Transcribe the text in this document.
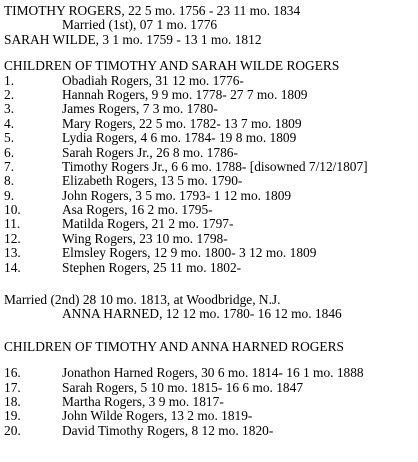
TIMOTHY ROGERS, 22 5 mo. 1756 - 23 11 mo. 1834
Married (1st), 07 1 mo. 1776
SARAH WILDE, 3 1 mo. 1759 - 13 1 mo. 1812
CHILDREN OF TIMOTHY AND SARAH WILDE ROGERS
1.	Obadiah Rogers, 31 12 mo. 1776-
2.	Hannah Rogers, 9 9 mo. 1778- 27 7 mo. 1809
3.	James Rogers, 7 3 mo. 1780-
4.	Mary Rogers, 22 5 mo. 1782- 13 7 mo. 1809
5.	Lydia Rogers, 4 6 mo. 1784- 19 8 mo. 1809
6.	Sarah Rogers Jr., 26 8 mo. 1786-
7.	Timothy Rogers Jr., 6 6 mo. 1788- [disowned 7/12/1807]
8.	Elizabeth Rogers, 13 5 mo. 1790-
9.	John Rogers, 3 5 mo. 1793- 1 12 mo. 1809
10.	Asa Rogers, 16 2 mo. 1795-
11.	Matilda Rogers, 21 2 mo. 1797-
12.	Wing Rogers, 23 10 mo. 1798-
13.	Elmsley Rogers, 12 9 mo. 1800- 3 12 mo. 1809
14.	Stephen Rogers, 25 11 mo. 1802-
Married (2nd) 28 10 mo. 1813, at Woodbridge, N.J.
ANNA HARNED, 12 12 mo. 1780- 16 12 mo. 1846
CHILDREN OF TIMOTHY AND ANNA HARNED ROGERS
16.	Jonathon Harned Rogers, 30 6 mo. 1814- 16 1 mo. 1888
17.	Sarah Rogers, 5 10 mo. 1815- 16 6 mo. 1847
18.	Martha Rogers, 3 9 mo. 1817-
19.	John Wilde Rogers, 13 2 mo. 1819-
20.	David Timothy Rogers, 8 12 mo. 1820-
